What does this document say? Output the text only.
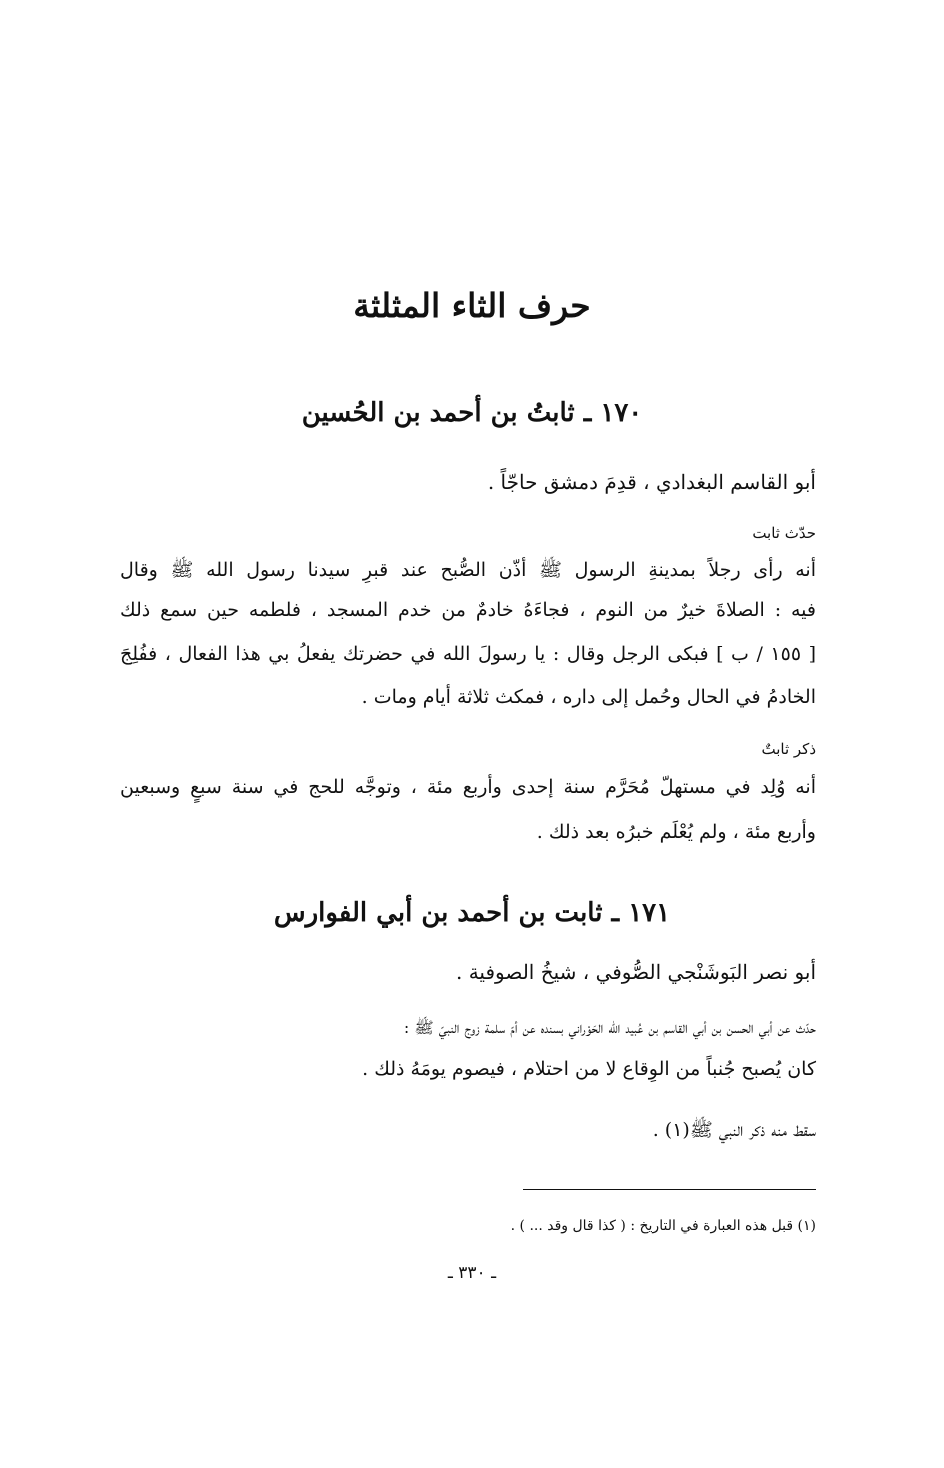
حرف الثاء المثلثة
١٧٠ ـ ثابتُ بن أحمد بن الحُسين
أبو القاسم البغدادي ، قدِمَ دمشق حاجّاً .
حدّث ثابت
أنه رأى رجلاً بمدينةِ الرسول ﷺ أذّن الصُّبح عند قبرِ سيدنا رسول الله ﷺ وقال
فيه : الصلاةَ خيرٌ من النوم ، فجاءَهُ خادمٌ من خدم المسجد ، فلطمه حين سمع ذلك
[ ١٥٥ / ب ] فبكى الرجل وقال : يا رسولَ الله في حضرتك يفعلُ بي هذا الفعال ، ففُلِجَ
الخادمُ في الحال وحُمل إلى داره ، فمكث ثلاثة أيام ومات .
ذكر ثابتٌ
أنه وُلِد في مستهلّ مُحَرَّم سنة إحدى وأربع مئة ، وتوجَّه للحج في سنة سبعٍ وسبعين
وأربع مئة ، ولم يُعْلَم خبرُه بعد ذلك .
١٧١ ـ ثابت بن أحمد بن أبي الفوارس
أبو نصر البَوشَنْجي الصُّوفي ، شيخُ الصوفية .
حدّث عن أبي الحسن بن أبي القاسم بن عُبيد الله الحَوْراني بسنده عن أمّ سلمة زوج النبيّ ﷺ :
كان يُصبح جُنباً من الوِقاع لا من احتلام ، فيصوم يومَهُ ذلك .
سقط منه ذكر النبي ﷺ(١) .
(١) قبل هذه العبارة في التاريخ : ( كذا قال وقد ... ) .
ـ ٣٣٠ ـ
